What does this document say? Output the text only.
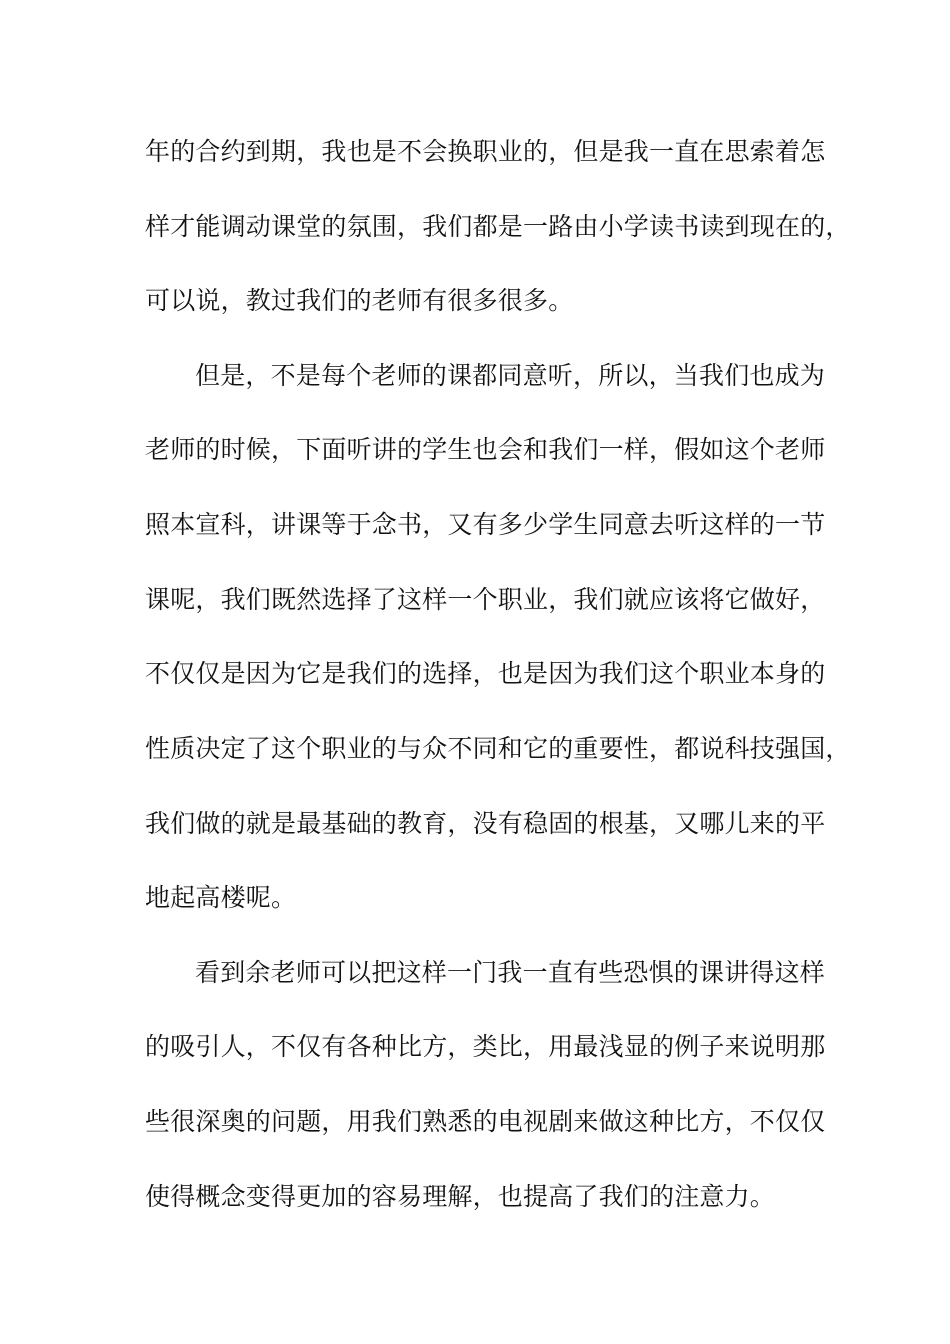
年的合约到期，我也是不会换职业的，但是我一直在思索着怎
样才能调动课堂的氛围，我们都是一路由小学读书读到现在的，
可以说，教过我们的老师有很多很多。
但是，不是每个老师的课都同意听，所以，当我们也成为
老师的时候，下面听讲的学生也会和我们一样，假如这个老师
照本宣科，讲课等于念书，又有多少学生同意去听这样的一节
课呢，我们既然选择了这样一个职业，我们就应该将它做好，
不仅仅是因为它是我们的选择，也是因为我们这个职业本身的
性质决定了这个职业的与众不同和它的重要性，都说科技强国，
我们做的就是最基础的教育，没有稳固的根基，又哪儿来的平
地起高楼呢。
看到余老师可以把这样一门我一直有些恐惧的课讲得这样
的吸引人，不仅有各种比方，类比，用最浅显的例子来说明那
些很深奥的问题，用我们熟悉的电视剧来做这种比方，不仅仅
使得概念变得更加的容易理解，也提高了我们的注意力。
